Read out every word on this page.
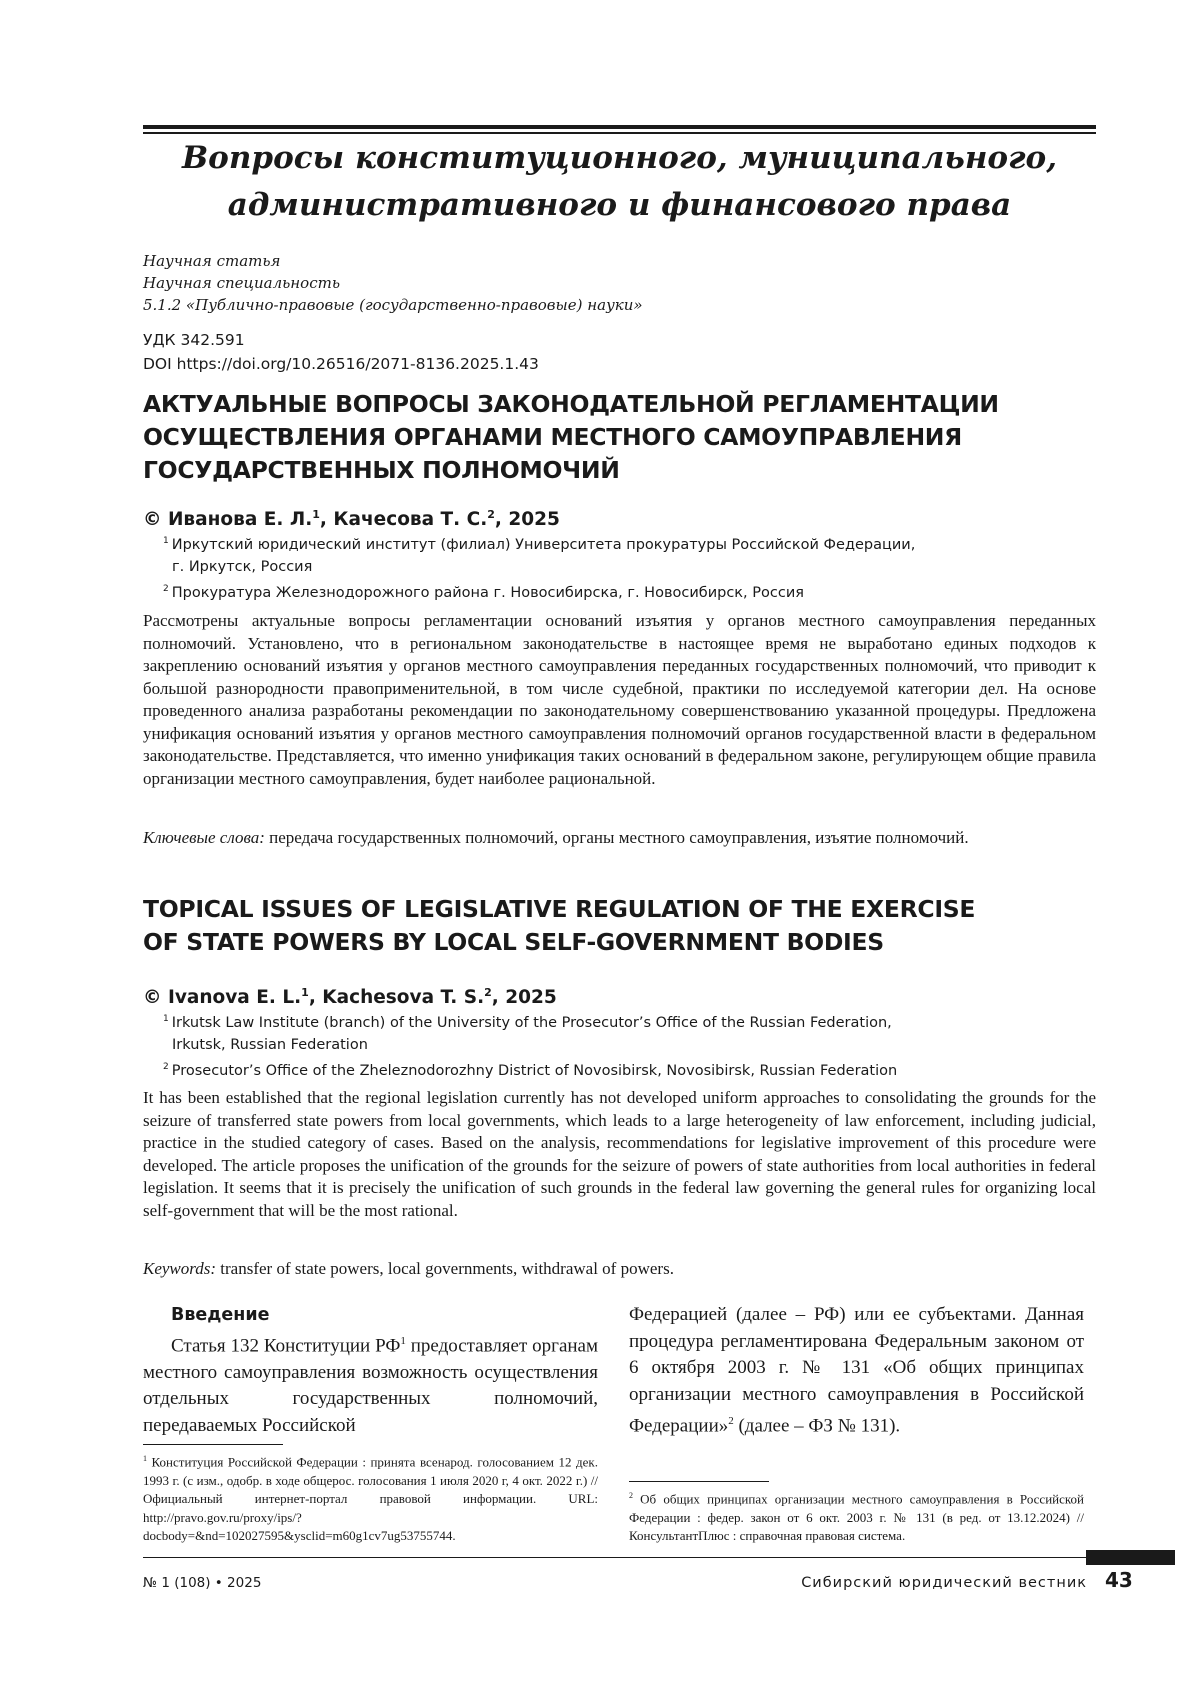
Вопросы конституционного, муниципального,
административного и финансового права
Научная статья
Научная специальность
5.1.2 «Публично-правовые (государственно-правовые) науки»
УДК 342.591
DOI https://doi.org/10.26516/2071-8136.2025.1.43
АКТУАЛЬНЫЕ ВОПРОСЫ ЗАКОНОДАТЕЛЬНОЙ РЕГЛАМЕНТАЦИИ
ОСУЩЕСТВЛЕНИЯ ОРГАНАМИ МЕСТНОГО САМОУПРАВЛЕНИЯ
ГОСУДАРСТВЕННЫХ ПОЛНОМОЧИЙ
© Иванова Е. Л.$^1$, Качесова Т. С.$^2$, 2025
$^1$ Иркутский юридический институт (филиал) Университета прокуратуры Российской Федерации,
г. Иркутск, Россия
$^2$ Прокуратура Железнодорожного района г. Новосибирска, г. Новосибирск, Россия
Рассмотрены актуальные вопросы регламентации оснований изъятия у органов местного самоуправления переданных полномочий. Установлено, что в региональном законодательстве в настоящее время не выработано единых подходов к закреплению оснований изъятия у органов местного самоуправления переданных государственных полномочий, что приводит к большой разнородности правоприменительной, в том числе судебной, практики по исследуемой категории дел. На основе проведенного анализа разработаны рекомендации по законодательному совершенствованию указанной процедуры. Предложена унификация оснований изъятия у органов местного самоуправления полномочий органов государственной власти в федеральном законодательстве. Представляется, что именно унификация таких оснований в федеральном законе, регулирующем общие правила организации местного самоуправления, будет наиболее рациональной.
Ключевые слова: передача государственных полномочий, органы местного самоуправления, изъятие полномочий.
TOPICAL ISSUES OF LEGISLATIVE REGULATION OF THE EXERCISE
OF STATE POWERS BY LOCAL SELF-GOVERNMENT BODIES
© Ivanova E. L.$^1$, Kachesova T. S.$^2$, 2025
$^1$ Irkutsk Law Institute (branch) of the University of the Prosecutor’s Office of the Russian Federation,
Irkutsk, Russian Federation
$^2$ Prosecutor’s Office of the Zheleznodorozhny District of Novosibirsk, Novosibirsk, Russian Federation
It has been established that the regional legislation currently has not developed uniform approaches to consolidating the grounds for the seizure of transferred state powers from local governments, which leads to a large heterogeneity of law enforcement, including judicial, practice in the studied category of cases. Based on the analysis, recommendations for legislative improvement of this procedure were developed. The article proposes the unification of the grounds for the seizure of powers of state authorities from local authorities in federal legislation. It seems that it is precisely the unification of such grounds in the federal law governing the general rules for organizing local self-government that will be the most rational.
Keywords: transfer of state powers, local governments, withdrawal of powers.
Введение

Статья 132 Конституции $РФ^1$ предоставляет органам местного самоуправления возможность осуществления отдельных государственных полномочий, передаваемых Российской

Федерацией (далее – РФ) или ее субъектами. Данная процедура регламентирована Федеральным законом от 6 октября 2003 г. № 131 «Об общих принципах организации местного самоуправления в Российской Федерации»$^2$ (далее – ФЗ № 131).

$^1$ Конституция Российской Федерации : принята всенарод. голосованием 12 дек. 1993 г. (с изм., одобр. в ходе общерос. голосования 1 июля 2020 г, 4 окт. 2022 г.) // Официальный интернет-портал правовой информации. URL: http://pravo.gov.ru/proxy/ips/?docbody=&nd=102027595&ysclid=m60g1cv7ug53755744.
$^2$ Об общих принципах организации местного самоуправления в Российской Федерации : федер. закон от 6 окт. 2003 г. № 131 (в ред. от 13.12.2024) // КонсультантПлюс : справочная правовая система.
№ 1 (108) • 2025	Сибирский юридический вестник 43
